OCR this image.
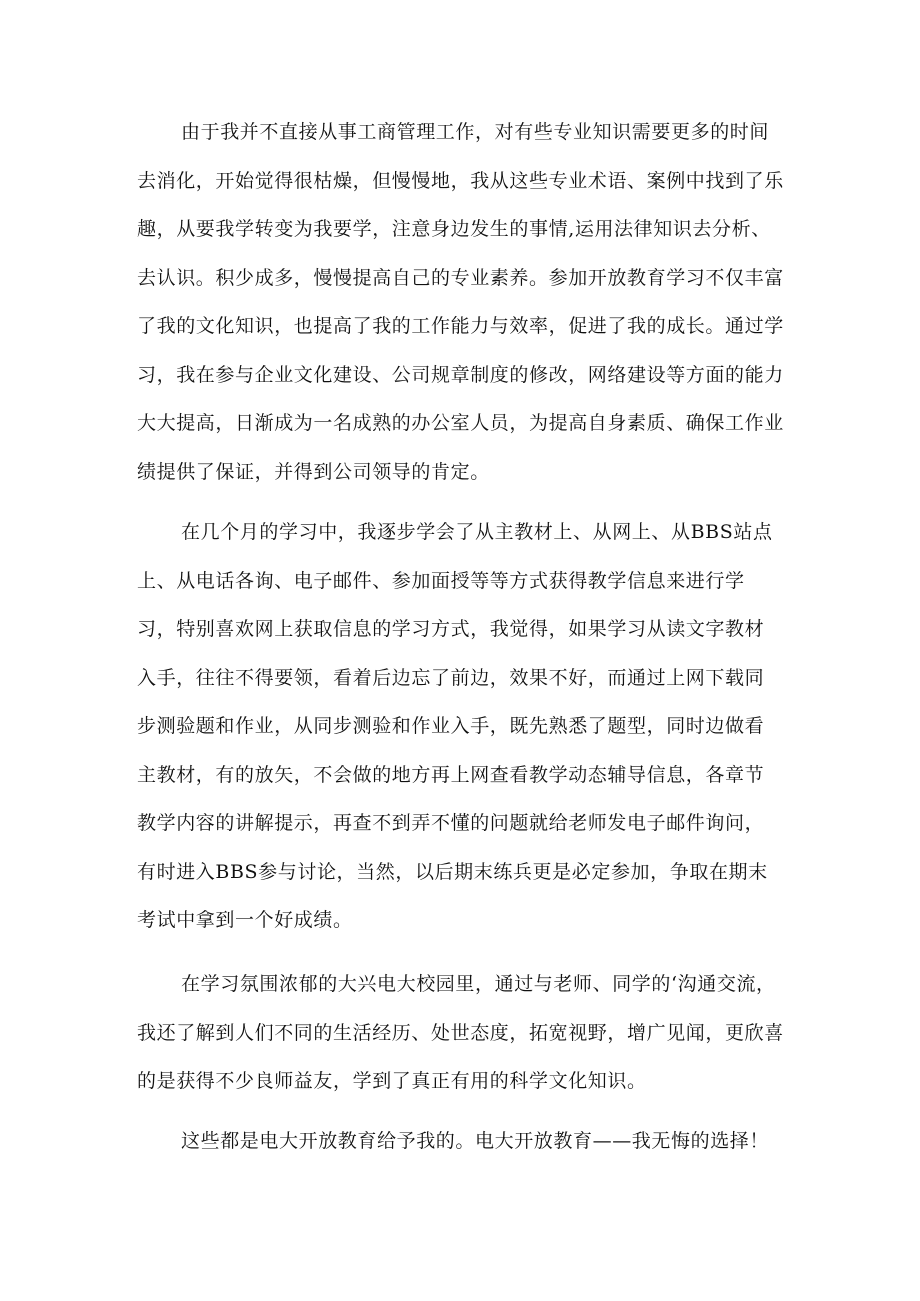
由于我并不直接从事工商管理工作，对有些专业知识需要更多的时间
去消化，开始觉得很枯燥，但慢慢地，我从这些专业术语、案例中找到了乐
趣，从要我学转变为我要学，注意身边发生的事情,运用法律知识去分析、
去认识。积少成多，慢慢提高自己的专业素养。参加开放教育学习不仅丰富
了我的文化知识，也提高了我的工作能力与效率，促进了我的成长。通过学
习，我在参与企业文化建设、公司规章制度的修改，网络建设等方面的能力
大大提高，日渐成为一名成熟的办公室人员，为提高自身素质、确保工作业
绩提供了保证，并得到公司领导的肯定。
在几个月的学习中，我逐步学会了从主教材上、从网上、从BBS站点
上、从电话各询、电子邮件、参加面授等等方式获得教学信息来进行学
习，特别喜欢网上获取信息的学习方式，我觉得，如果学习从读文字教材
入手，往往不得要领，看着后边忘了前边，效果不好，而通过上网下载同
步测验题和作业，从同步测验和作业入手，既先熟悉了题型，同时边做看
主教材，有的放矢，不会做的地方再上网查看教学动态辅导信息，各章节
教学内容的讲解提示，再查不到弄不懂的问题就给老师发电子邮件询问，
有时进入BBS参与讨论，当然，以后期末练兵更是必定参加，争取在期末
考试中拿到一个好成绩。
在学习氛围浓郁的大兴电大校园里，通过与老师、同学的‘沟通交流，
我还了解到人们不同的生活经历、处世态度，拓宽视野，增广见闻，更欣喜
的是获得不少良师益友，学到了真正有用的科学文化知识。
这些都是电大开放教育给予我的。电大开放教育——我无悔的选择！
